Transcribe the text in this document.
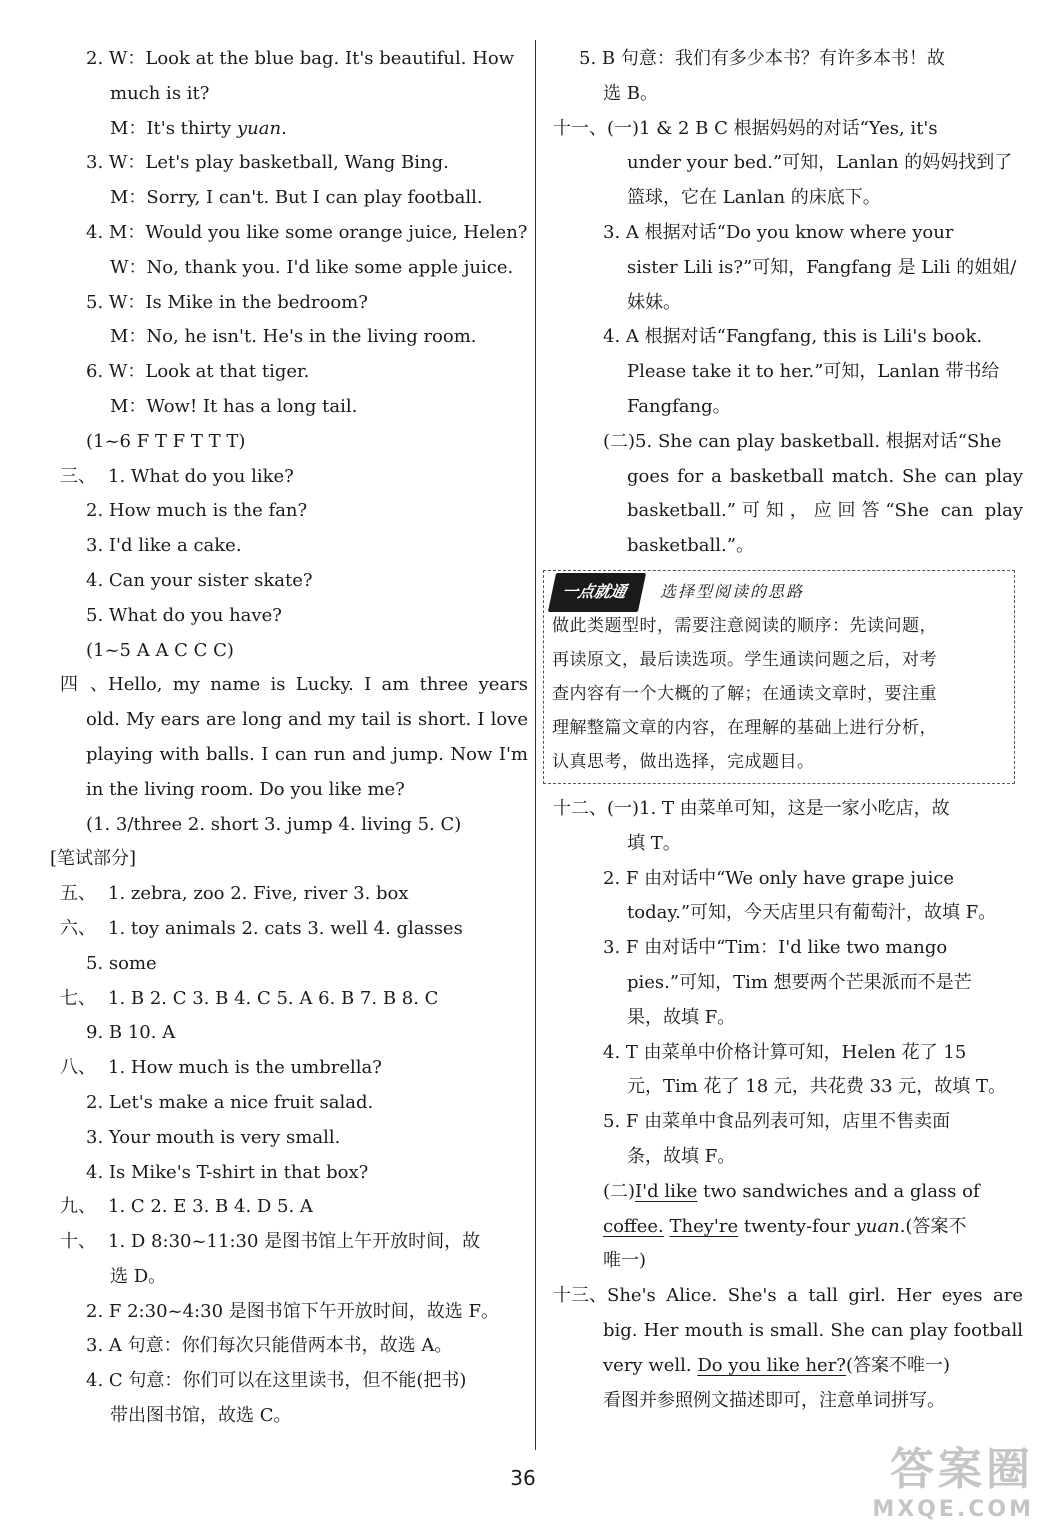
2. W：Look at the blue bag. It's beautiful. How
much is it?
M：It's thirty yuan.
3. W：Let's play basketball, Wang Bing.
M：Sorry, I can't. But I can play football.
4. M：Would you like some orange juice, Helen?
W：No, thank you. I'd like some apple juice.
5. W：Is Mike in the bedroom?
M：No, he isn't. He's in the living room.
6. W：Look at that tiger.
M：Wow! It has a long tail.
(1~6 F T F T T T)
三、 1. What do you like?
2. How much is the fan?
3. I'd like a cake.
4. Can your sister skate?
5. What do you have?
(1~5 A A C C C)
四、Hello, my name is Lucky. I am three years
old. My ears are long and my tail is short. I love
playing with balls. I can run and jump. Now I'm
in the living room. Do you like me?
(1. 3/three 2. short 3. jump 4. living 5. C)
[笔试部分]
五、 1. zebra, zoo 2. Five, river 3. box
六、 1. toy animals 2. cats 3. well 4. glasses
5. some
七、 1. B 2. C 3. B 4. C 5. A 6. B 7. B 8. C
9. B 10. A
八、 1. How much is the umbrella?
2. Let's make a nice fruit salad.
3. Your mouth is very small.
4. Is Mike's T-shirt in that box?
九、 1. C 2. E 3. B 4. D 5. A
十、 1. D 8:30~11:30 是图书馆上午开放时间，故
选 D。
2. F 2:30~4:30 是图书馆下午开放时间，故选 F。
3. A 句意：你们每次只能借两本书，故选 A。
4. C 句意：你们可以在这里读书，但不能(把书)
带出图书馆，故选 C。
5. B 句意：我们有多少本书？有许多本书！故
选 B。
十一、(一)1 & 2 B C 根据妈妈的对话“Yes, it's
under your bed.”可知，Lanlan 的妈妈找到了
篮球，它在 Lanlan 的床底下。
3. A 根据对话“Do you know where your
sister Lili is?”可知，Fangfang 是 Lili 的姐姐/
妹妹。
4. A 根据对话“Fangfang, this is Lili's book.
Please take it to her.”可知，Lanlan 带书给
Fangfang。
(二)5. She can play basketball. 根据对话“She
goes for a basketball match. She can play
basketball.”可知，应回答“She can play
basketball.”。
一点就通	选择型阅读的思路
做此类题型时，需要注意阅读的顺序：先读问题，
再读原文，最后读选项。学生通读问题之后，对考
查内容有一个大概的了解；在通读文章时，要注重
理解整篇文章的内容，在理解的基础上进行分析，
认真思考，做出选择，完成题目。
十二、(一)1. T 由菜单可知，这是一家小吃店，故
填 T。
2. F 由对话中“We only have grape juice
today.”可知，今天店里只有葡萄汁，故填 F。
3. F 由对话中“Tim：I'd like two mango
pies.”可知，Tim 想要两个芒果派而不是芒
果，故填 F。
4. T 由菜单中价格计算可知，Helen 花了 15
元，Tim 花了 18 元，共花费 33 元，故填 T。
5. F 由菜单中食品列表可知，店里不售卖面
条，故填 F。
(二)I'd like two sandwiches and a glass of
coffee. They're twenty-four yuan.(答案不
唯一)
十三、She's Alice. She's a tall girl. Her eyes are
big. Her mouth is small. She can play football
very well. Do you like her?(答案不唯一)
看图并参照例文描述即可，注意单词拼写。
36	答案圈
MXQE.COM
